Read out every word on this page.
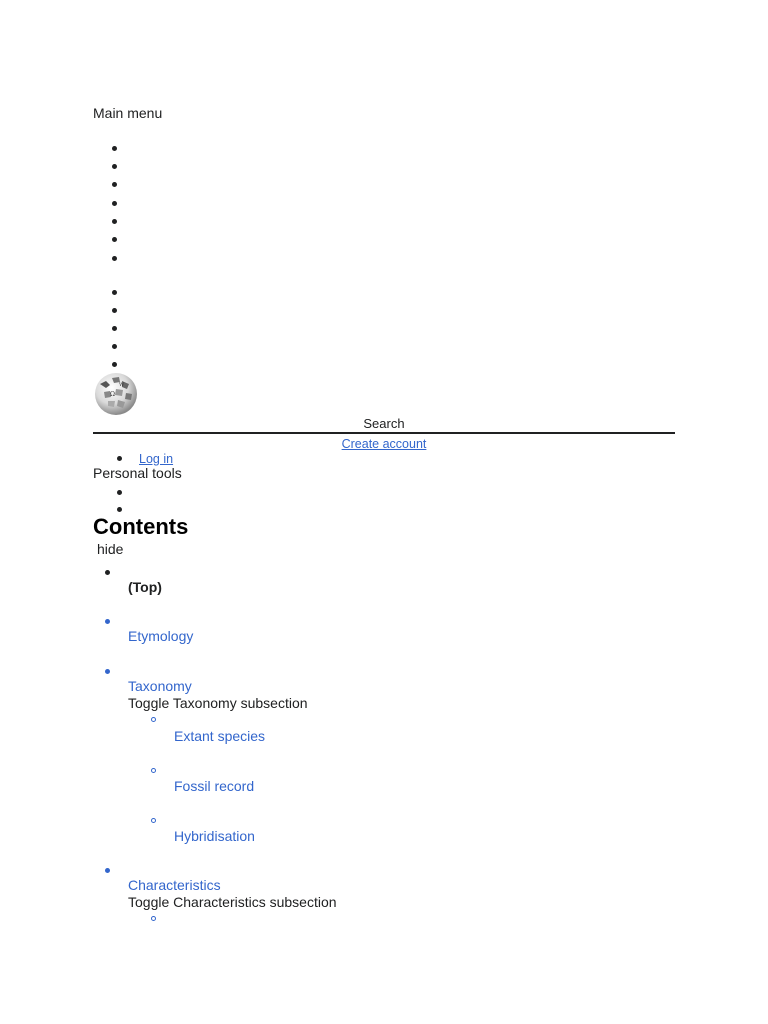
Main menu
Ω
W
Search
Create account
Log in
Personal tools
Contents
hide
(Top)
Etymology
Taxonomy
Toggle Taxonomy subsection
Extant species
Fossil record
Hybridisation
Characteristics
Toggle Characteristics subsection
